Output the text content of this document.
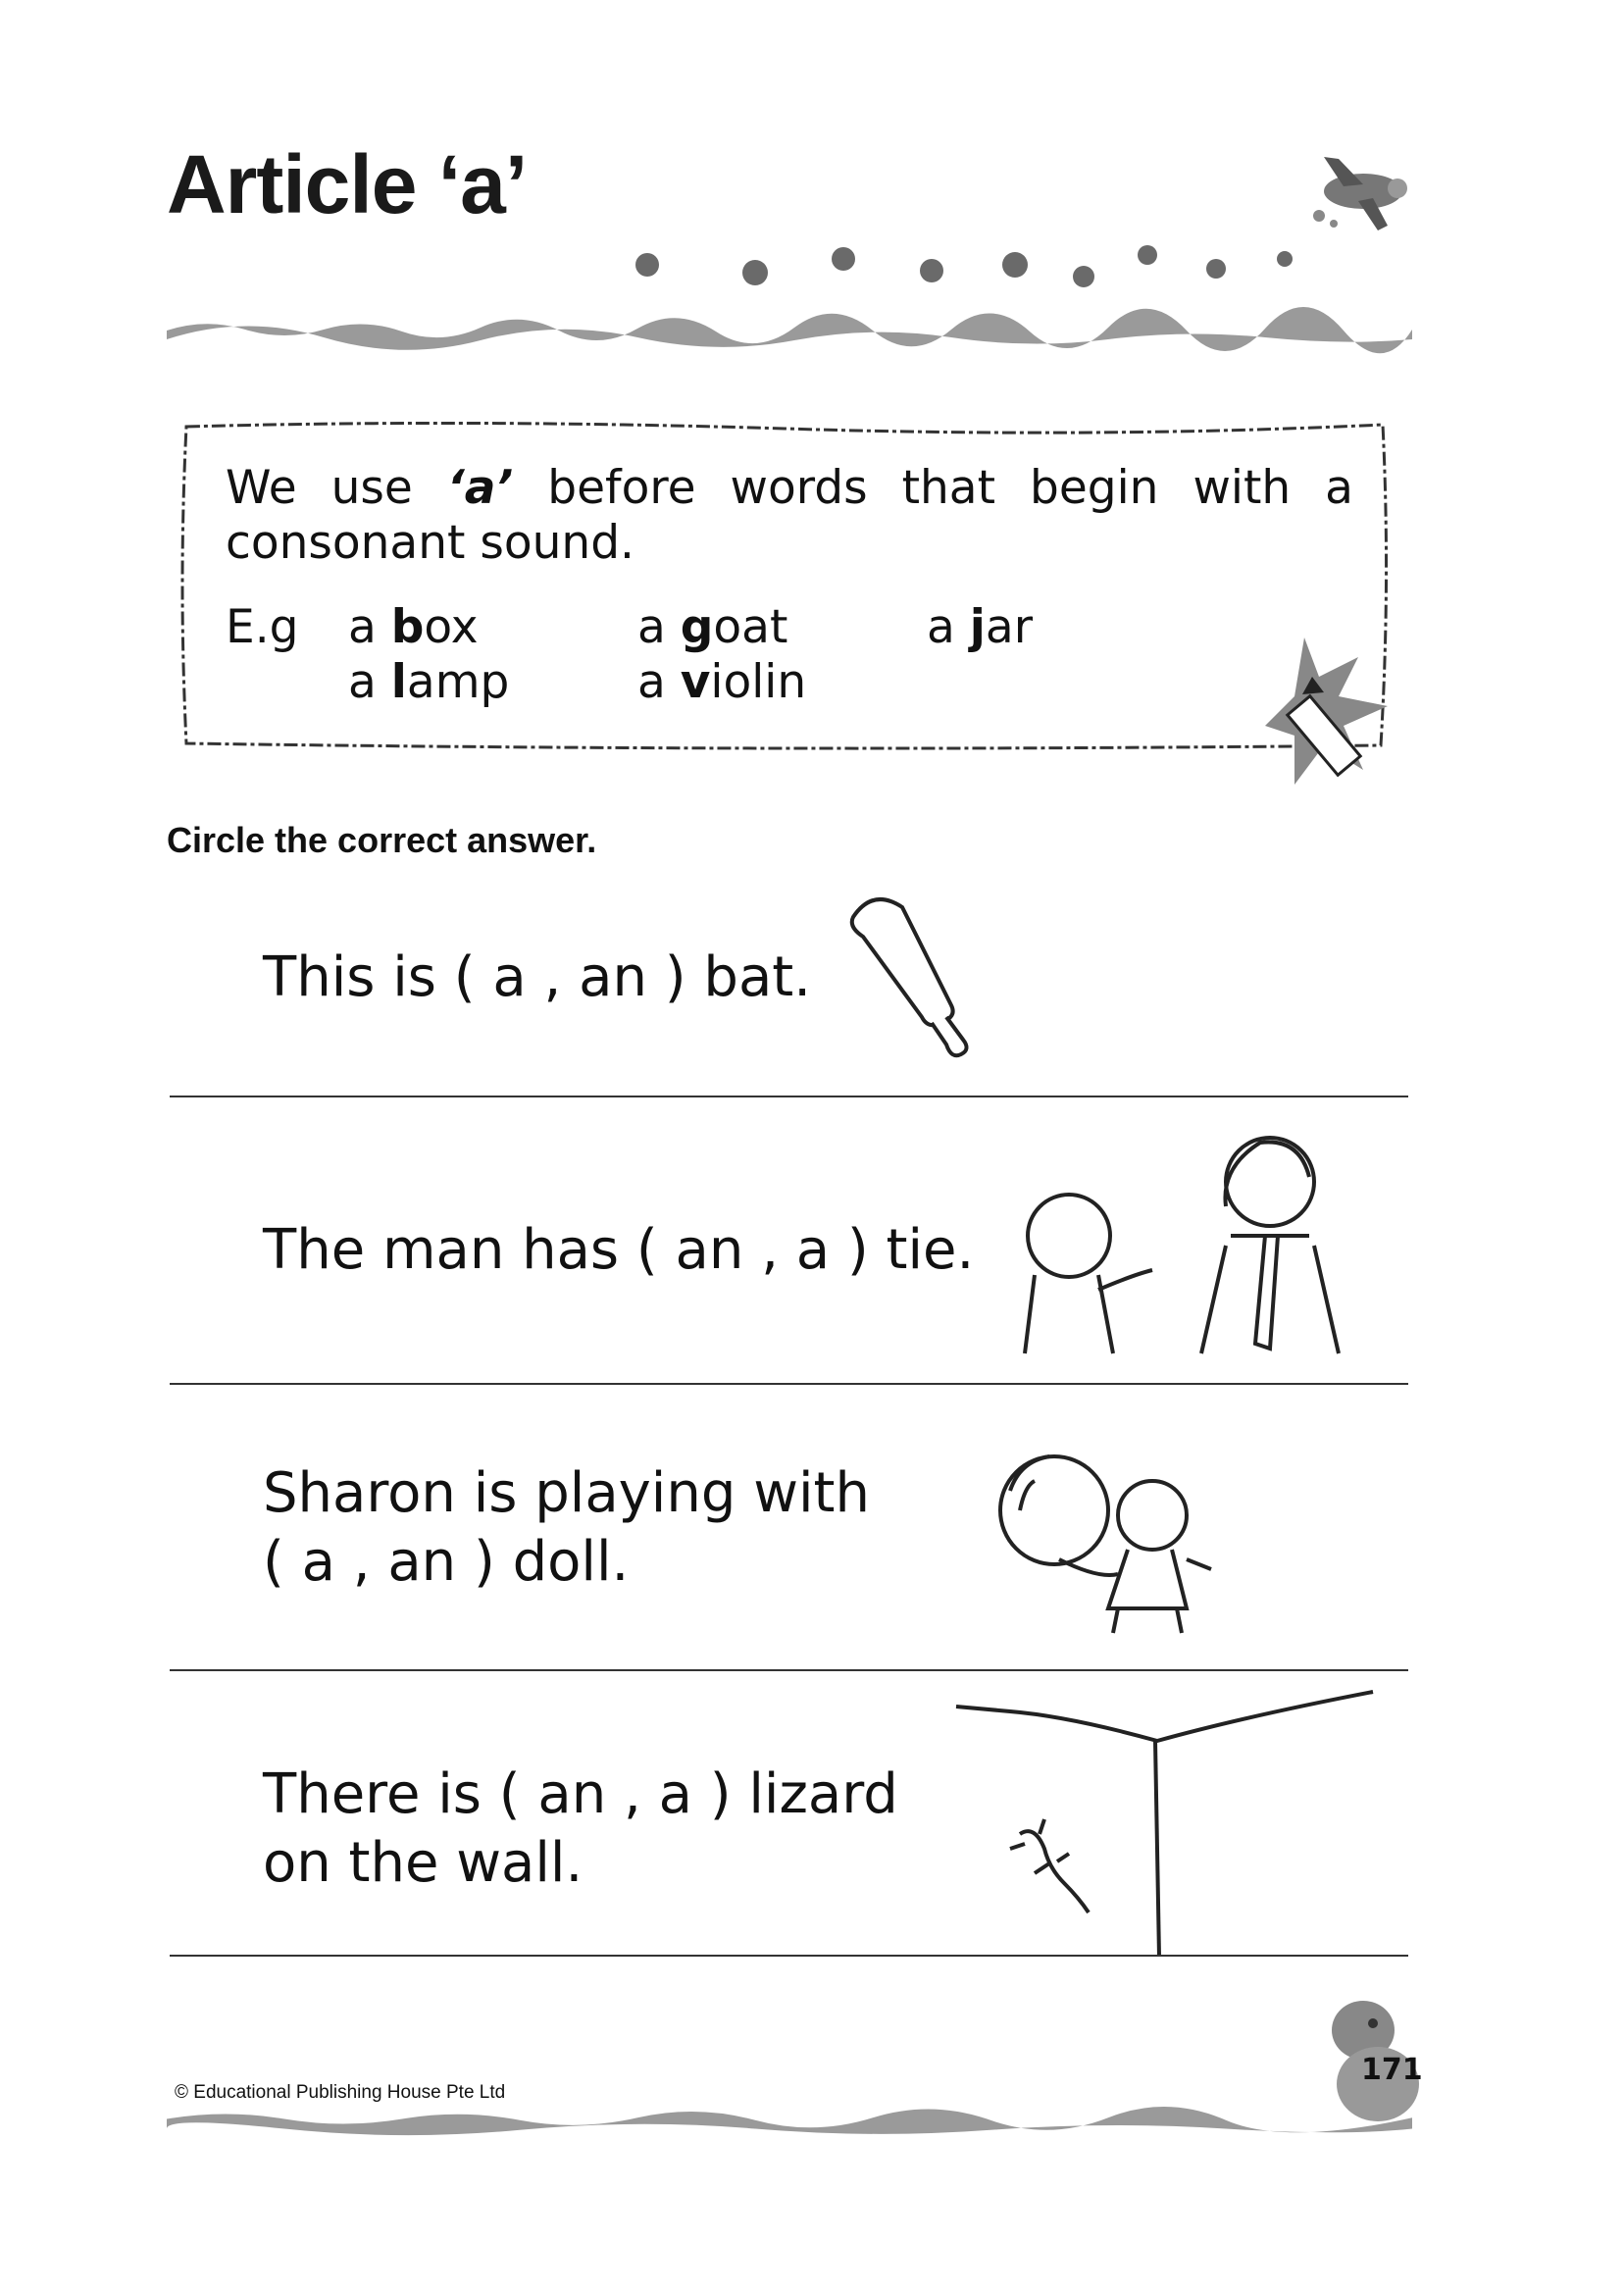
Article ‘a’
We use ‘a’ before words that begin with a consonant sound.
E.g a box	a goat	a jar
a lamp	a violin
Circle the correct answer.
This is ( a , an ) bat.
The man has ( an , a ) tie.
Sharon is playing with
( a , an ) doll.
There is ( an , a ) lizard
on the wall.
171
© Educational Publishing House Pte Ltd
